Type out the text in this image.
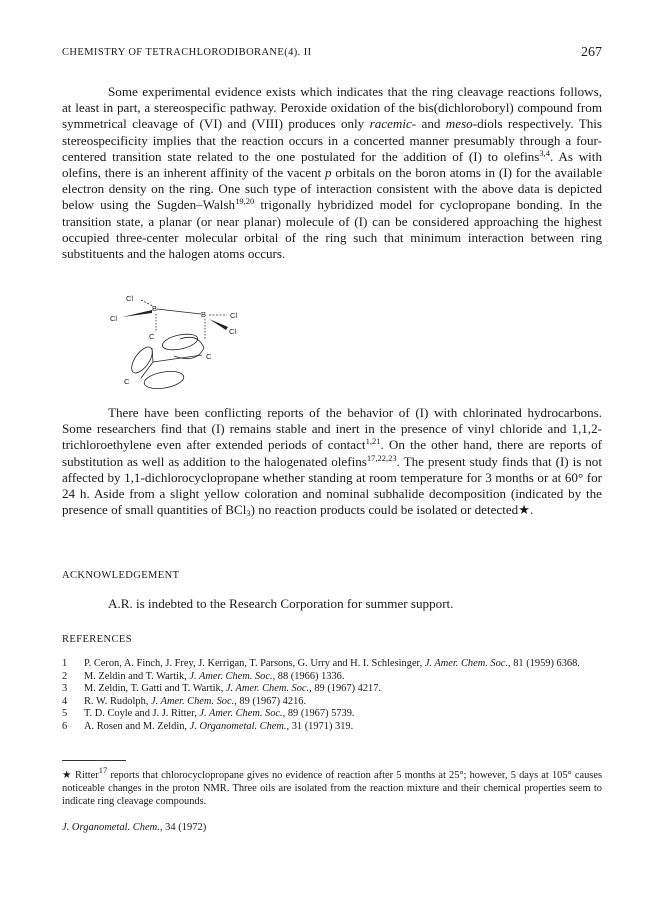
CHEMISTRY OF TETRACHLORODIBORANE(4). II	267

Some experimental evidence exists which indicates that the ring cleavage reactions follows, at least in part, a stereospecific pathway. Peroxide oxidation of the bis(dichloroboryl) compound from symmetrical cleavage of (VI) and (VIII) produces only racemic- and meso-diols respectively. This stereospecificity implies that the reaction occurs in a concerted manner presumably through a four-centered transition state related to the one postulated for the addition of (I) to olefins$^{3,4}$. As with olefins, there is an inherent affinity of the vacent p orbitals on the boron atoms in (I) for the available electron density on the ring. One such type of interaction consistent with the above data is depicted below using the Sugden–Walsh$^{19,20}$ trigonally hybridized model for cyclopropane bonding. In the transition state, a planar (or near planar) molecule of (I) can be considered approaching the highest occupied three-center molecular orbital of the ring such that minimum interaction between ring substituents and the halogen atoms occurs.

Cl
Cl
B
B	Cl
Cl
C
C
C

There have been conflicting reports of the behavior of (I) with chlorinated hydrocarbons. Some researchers find that (I) remains stable and inert in the presence of vinyl chloride and 1,1,2-trichloroethylene even after extended periods of contact$^{1,21}$. On the other hand, there are reports of substitution as well as addition to the halogenated olefins$^{17,22,23}$. The present study finds that (I) is not affected by 1,1-dichlorocyclopropane whether standing at room temperature for 3 months or at 60° for 24 h. Aside from a slight yellow coloration and nominal subhalide decomposition (indicated by the presence of small quantities of BCl$_3$) no reaction products could be isolated or detected★.

ACKNOWLEDGEMENT
A.R. is indebted to the Research Corporation for summer support.
REFERENCES
1 P. Ceron, A. Finch, J. Frey, J. Kerrigan, T. Parsons, G. Urry and H. I. Schlesinger, J. Amer. Chem. Soc., 81 (1959) 6368.
2 M. Zeldin and T. Wartik, J. Amer. Chem. Soc., 88 (1966) 1336.
3 M. Zeldin, T. Gatti and T. Wartik, J. Amer. Chem. Soc., 89 (1967) 4217.
4 R. W. Rudolph, J. Amer. Chem. Soc., 89 (1967) 4216.
5 T. D. Coyle and J. J. Ritter, J. Amer. Chem. Soc., 89 (1967) 5739.
6 A. Rosen and M. Zeldin, J. Organometal. Chem., 31 (1971) 319.

★ Ritter$^{17}$ reports that chlorocyclopropane gives no evidence of reaction after 5 months at 25°; however, 5 days at 105° causes noticeable changes in the proton NMR. Three oils are isolated from the reaction mixture and their chemical properties seem to indicate ring cleavage compounds.

J. Organometal. Chem., 34 (1972)
